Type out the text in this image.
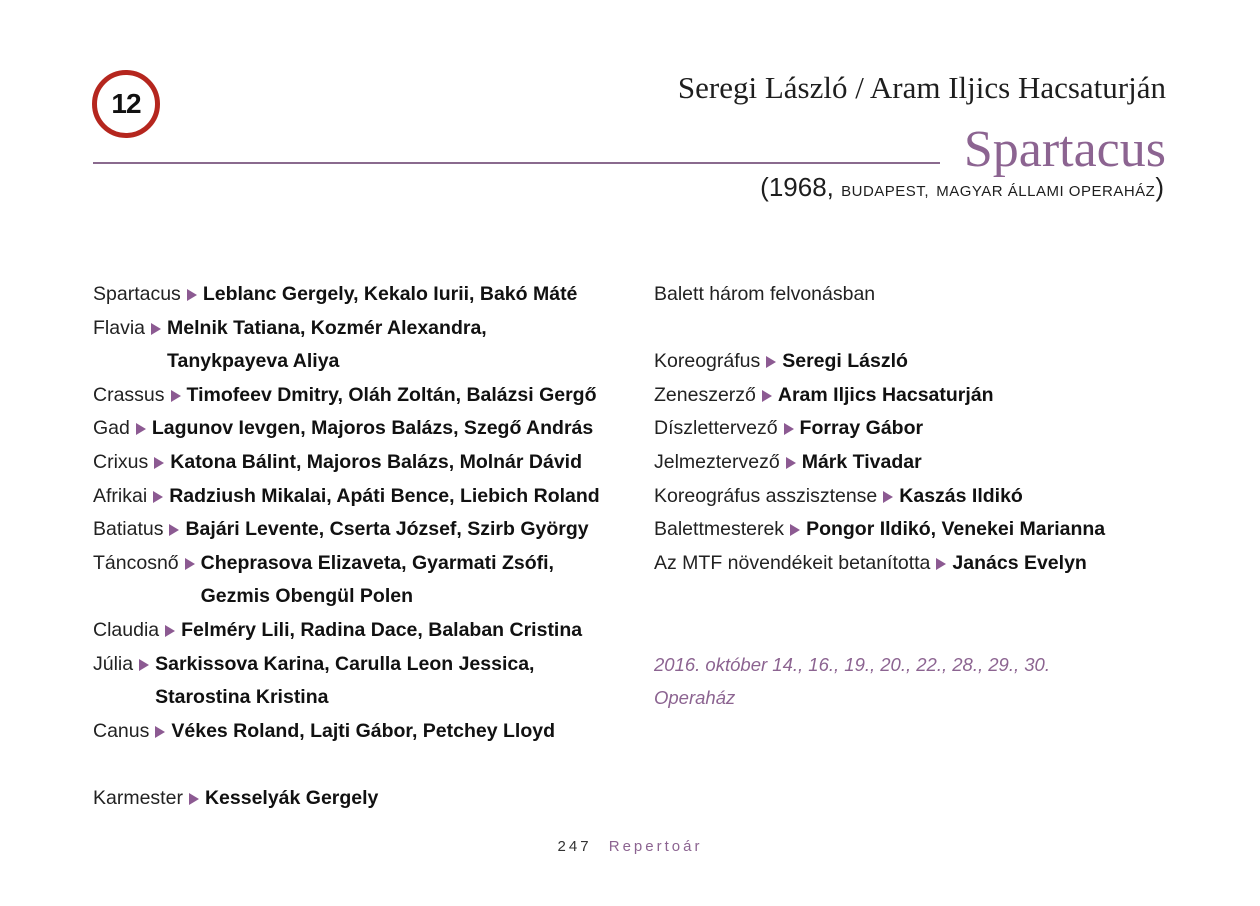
12	Seregi László / Aram Iljics Hacsaturján
Spartacus
(1968, BUDAPEST, MAGYAR ÁLLAMI OPERAHÁZ)
Spartacus Leblanc Gergely, Kekalo Iurii, Bakó Máté
Flavia Melnik Tatiana, Kozmér Alexandra,
Tanykpayeva Aliya
Crassus Timofeev Dmitry, Oláh Zoltán, Balázsi Gergő
Gad Lagunov Ievgen, Majoros Balázs, Szegő András
Crixus Katona Bálint, Majoros Balázs, Molnár Dávid
Afrikai Radziush Mikalai, Apáti Bence, Liebich Roland
Batiatus Bajári Levente, Cserta József, Szirb György
Táncosnő Cheprasova Elizaveta, Gyarmati Zsófi,
Gezmis Obengül Polen
Claudia Felméry Lili, Radina Dace, Balaban Cristina
Júlia Sarkissova Karina, Carulla Leon Jessica,
Starostina Kristina
Canus Vékes Roland, Lajti Gábor, Petchey Lloyd
Karmester Kesselyák Gergely
Balett három felvonásban
Koreográfus Seregi László
Zeneszerző Aram Iljics Hacsaturján
Díszlettervező Forray Gábor
Jelmeztervező Márk Tivadar
Koreográfus asszisztense Kaszás Ildikó
Balettmesterek Pongor Ildikó, Venekei Marianna
Az MTF növendékeit betanította Janács Evelyn
2016. október 14., 16., 19., 20., 22., 28., 29., 30.
Operaház
247 Repertoár
